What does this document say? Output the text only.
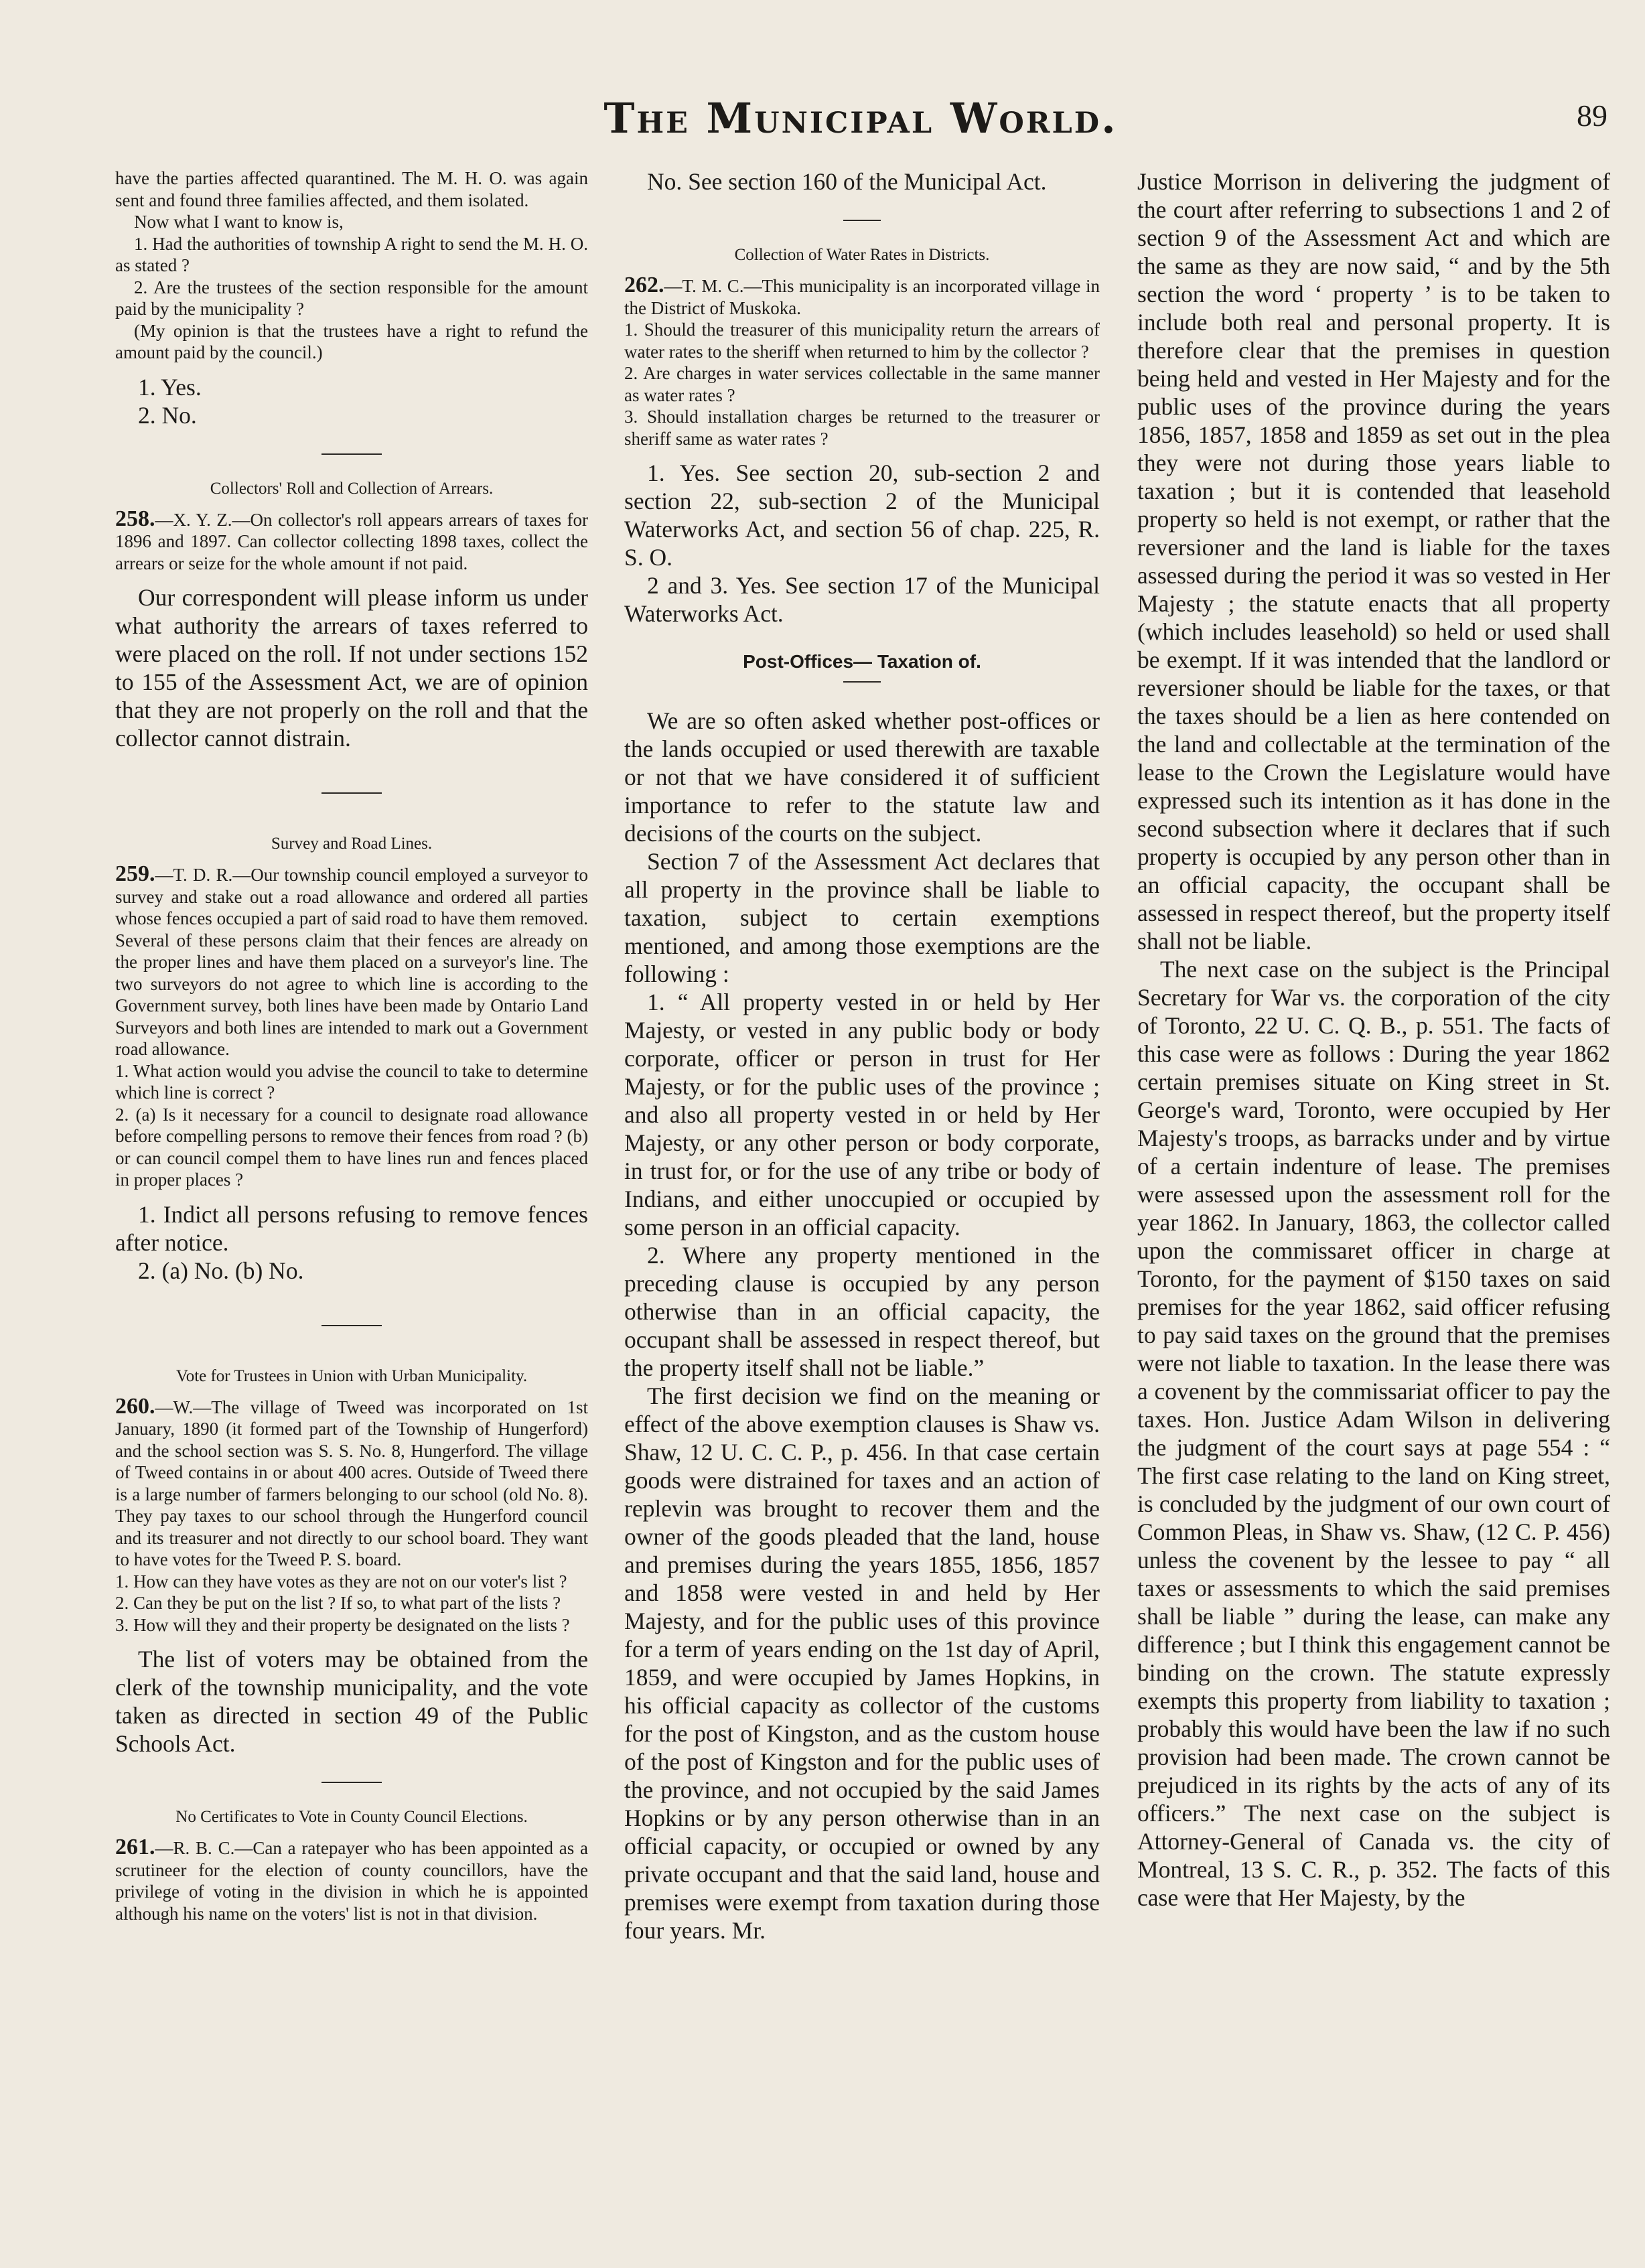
The Municipal World.	89

have the parties affected quarantined. The M. H. O. was again sent and found three families affected, and them isolated.

Now what I want to know is,

1. Had the authorities of township A right to send the M. H. O. as stated ?

2. Are the trustees of the section responsible for the amount paid by the municipality ?

(My opinion is that the trustees have a right to refund the amount paid by the council.)

1. Yes.

2. No.

Collectors' Roll and Collection of Arrears.

258.—X. Y. Z.—On collector's roll appears arrears of taxes for 1896 and 1897. Can collector collecting 1898 taxes, collect the arrears or seize for the whole amount if not paid.

Our correspondent will please inform us under what authority the arrears of taxes referred to were placed on the roll. If not under sections 152 to 155 of the Assessment Act, we are of opinion that they are not properly on the roll and that the collector cannot distrain.

Survey and Road Lines.

259.—T. D. R.—Our township council employed a surveyor to survey and stake out a road allowance and ordered all parties whose fences occupied a part of said road to have them removed. Several of these persons claim that their fences are already on the proper lines and have them placed on a surveyor's line. The two surveyors do not agree to which line is according to the Government survey, both lines have been made by Ontario Land Surveyors and both lines are intended to mark out a Government road allowance.

1. What action would you advise the council to take to determine which line is correct ?

2. (a) Is it necessary for a council to designate road allowance before compelling persons to remove their fences from road ? (b) or can council compel them to have lines run and fences placed in proper places ?

1. Indict all persons refusing to remove fences after notice.

2. (a) No. (b) No.

Vote for Trustees in Union with Urban Municipality.

260.—W.—The village of Tweed was incorporated on 1st January, 1890 (it formed part of the Township of Hungerford) and the school section was S. S. No. 8, Hungerford. The village of Tweed contains in or about 400 acres. Outside of Tweed there is a large number of farmers belonging to our school (old No. 8). They pay taxes to our school through the Hungerford council and its treasurer and not directly to our school board. They want to have votes for the Tweed P. S. board.

1. How can they have votes as they are not on our voter's list ?

2. Can they be put on the list ? If so, to what part of the lists ?

3. How will they and their property be designated on the lists ?

The list of voters may be obtained from the clerk of the township municipality, and the vote taken as directed in section 49 of the Public Schools Act.

No Certificates to Vote in County Council Elections.

261.—R. B. C.—Can a ratepayer who has been appointed as a scrutineer for the election of county councillors, have the privilege of voting in the division in which he is appointed although his name on the voters' list is not in that division.

No. See section 160 of the Municipal Act.

Collection of Water Rates in Districts.

262.—T. M. C.—This municipality is an incorporated village in the District of Muskoka.

1. Should the treasurer of this municipality return the arrears of water rates to the sheriff when returned to him by the collector ?

2. Are charges in water services collectable in the same manner as water rates ?

3. Should installation charges be returned to the treasurer or sheriff same as water rates ?

1. Yes. See section 20, sub-section 2 and section 22, sub-section 2 of the Municipal Waterworks Act, and section 56 of chap. 225, R. S. O.

2 and 3. Yes. See section 17 of the Municipal Waterworks Act.

Post-Offices— Taxation of.

We are so often asked whether post-offices or the lands occupied or used therewith are taxable or not that we have considered it of sufficient importance to refer to the statute law and decisions of the courts on the subject.

Section 7 of the Assessment Act declares that all property in the province shall be liable to taxation, subject to certain exemptions mentioned, and among those exemptions are the following :

1. “ All property vested in or held by Her Majesty, or vested in any public body or body corporate, officer or person in trust for Her Majesty, or for the public uses of the province ; and also all property vested in or held by Her Majesty, or any other person or body corporate, in trust for, or for the use of any tribe or body of Indians, and either unoccupied or occupied by some person in an official capacity.

2. Where any property mentioned in the preceding clause is occupied by any person otherwise than in an official capacity, the occupant shall be assessed in respect thereof, but the property itself shall not be liable.”

The first decision we find on the meaning or effect of the above exemption clauses is Shaw vs. Shaw, 12 U. C. C. P., p. 456. In that case certain goods were distrained for taxes and an action of replevin was brought to recover them and the owner of the goods pleaded that the land, house and premises during the years 1855, 1856, 1857 and 1858 were vested in and held by Her Majesty, and for the public uses of this province for a term of years ending on the 1st day of April, 1859, and were occupied by James Hopkins, in his official capacity as collector of the customs for the post of Kingston, and as the custom house of the post of Kingston and for the public uses of the province, and not occupied by the said James Hopkins or by any person otherwise than in an official capacity, or occupied or owned by any private occupant and that the said land, house and premises were exempt from taxation during those four years. Mr.

Justice Morrison in delivering the judgment of the court after referring to subsections 1 and 2 of section 9 of the Assessment Act and which are the same as they are now said, “ and by the 5th section the word ‘ property ’ is to be taken to include both real and personal property. It is therefore clear that the premises in question being held and vested in Her Majesty and for the public uses of the province during the years 1856, 1857, 1858 and 1859 as set out in the plea they were not during those years liable to taxation ; but it is contended that leasehold property so held is not exempt, or rather that the reversioner and the land is liable for the taxes assessed during the period it was so vested in Her Majesty ; the statute enacts that all property (which includes leasehold) so held or used shall be exempt. If it was intended that the landlord or reversioner should be liable for the taxes, or that the taxes should be a lien as here contended on the land and collectable at the termination of the lease to the Crown the Legislature would have expressed such its intention as it has done in the second subsection where it declares that if such property is occupied by any person other than in an official capacity, the occupant shall be assessed in respect thereof, but the property itself shall not be liable.

The next case on the subject is the Principal Secretary for War vs. the corporation of the city of Toronto, 22 U. C. Q. B., p. 551. The facts of this case were as follows : During the year 1862 certain premises situate on King street in St. George's ward, Toronto, were occupied by Her Majesty's troops, as barracks under and by virtue of a certain indenture of lease. The premises were assessed upon the assessment roll for the year 1862. In January, 1863, the collector called upon the commissaret officer in charge at Toronto, for the payment of $150 taxes on said premises for the year 1862, said officer refusing to pay said taxes on the ground that the premises were not liable to taxation. In the lease there was a covenent by the commissariat officer to pay the taxes. Hon. Justice Adam Wilson in delivering the judgment of the court says at page 554 : “ The first case relating to the land on King street, is concluded by the judgment of our own court of Common Pleas, in Shaw vs. Shaw, (12 C. P. 456) unless the covenent by the lessee to pay “ all taxes or assessments to which the said premises shall be liable ” during the lease, can make any difference ; but I think this engagement cannot be binding on the crown. The statute expressly exempts this property from liability to taxation ; probably this would have been the law if no such provision had been made. The crown cannot be prejudiced in its rights by the acts of any of its officers.” The next case on the subject is Attorney-General of Canada vs. the city of Montreal, 13 S. C. R., p. 352. The facts of this case were that Her Majesty, by the
